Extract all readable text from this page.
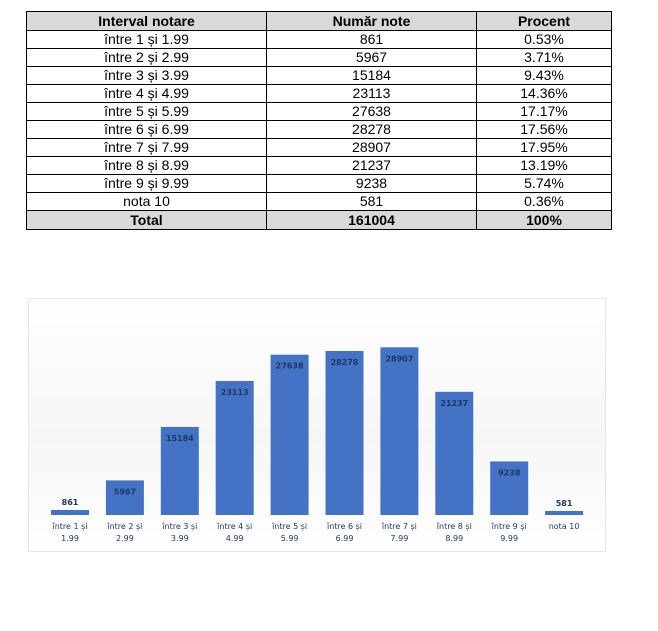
Interval notare	Număr note	Procent
între 1 și 1.99	861	0.53%
între 2 și 2.99	5967	3.71%
între 3 și 3.99	15184	9.43%
între 4 și 4.99	23113	14.36%
între 5 și 5.99	27638	17.17%
între 6 și 6.99	28278	17.56%
între 7 și 7.99	28907	17.95%
între 8 și 8.99	21237	13.19%
între 9 și 9.99	9238	5.74%
nota 10	581	0.36%
Total	161004	100%
861
între 1 și
1.99
5967
între 2 și
2.99
15184
între 3 și
3.99
23113
între 4 și
4.99
27638
între 5 și
5.99
28278
între 6 și
6.99
28907
între 7 și
7.99
21237
între 8 și
8.99
9238
între 9 și
9.99
581
nota 10
